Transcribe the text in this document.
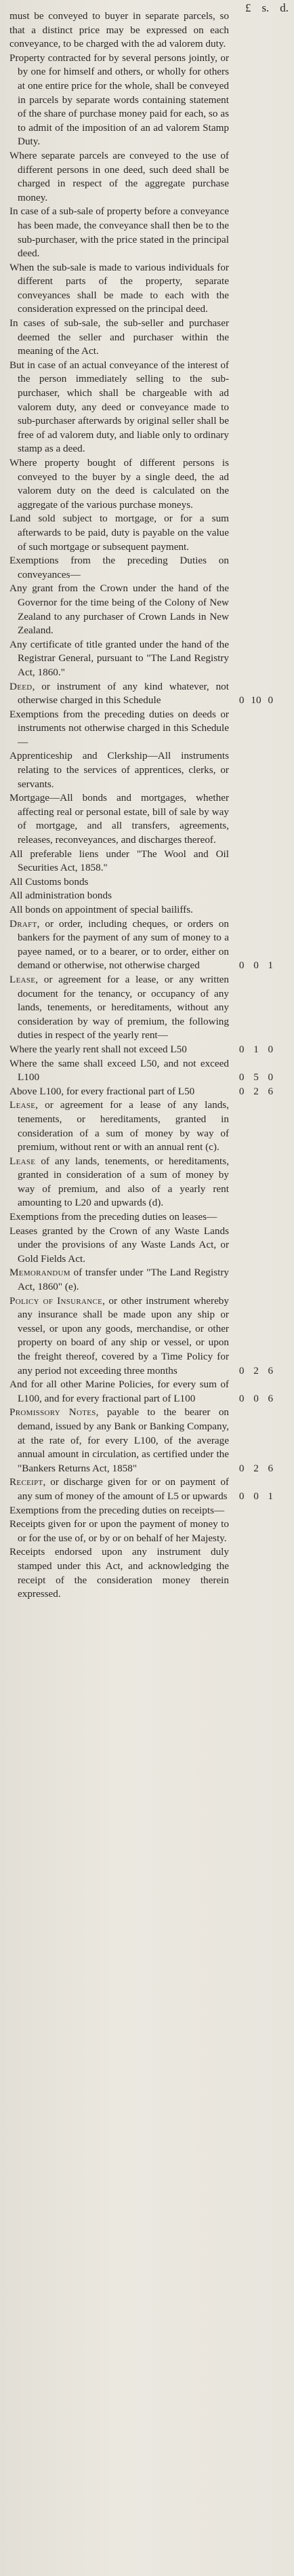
£ s. d.
must be conveyed to buyer in separate parcels, so that a distinct price may be expressed on each conveyance, to be charged with the ad valorem duty.
Property contracted for by several persons jointly, or by one for himself and others, or wholly for others at one entire price for the whole, shall be conveyed in parcels by separate words containing statement of the share of purchase money paid for each, so as to admit of the imposition of an ad valorem Stamp Duty.
Where separate parcels are conveyed to the use of different persons in one deed, such deed shall be charged in respect of the aggregate purchase money.
In case of a sub-sale of property before a conveyance has been made, the conveyance shall then be to the sub-purchaser, with the price stated in the principal deed.
When the sub-sale is made to various individuals for different parts of the property, separate conveyances shall be made to each with the consideration expressed on the principal deed.
In cases of sub-sale, the sub-seller and purchaser deemed the seller and purchaser within the meaning of the Act.
But in case of an actual conveyance of the interest of the person immediately selling to the sub-purchaser, which shall be chargeable with ad valorem duty, any deed or conveyance made to sub-purchaser afterwards by original seller shall be free of ad valorem duty, and liable only to ordinary stamp as a deed.
Where property bought of different persons is conveyed to the buyer by a single deed, the ad valorem duty on the deed is calculated on the aggregate of the various purchase moneys.
Land sold subject to mortgage, or for a sum afterwards to be paid, duty is payable on the value of such mortgage or subsequent payment.
Exemptions from the preceding Duties on conveyances—
Any grant from the Crown under the hand of the Governor for the time being of the Colony of New Zealand to any purchaser of Crown Lands in New Zealand.
Any certificate of title granted under the hand of the Registrar General, pursuant to "The Land Registry Act, 1860."
Deed, or instrument of any kind whatever, not otherwise charged in this Schedule	0 10 0
Exemptions from the preceding duties on deeds or instruments not otherwise charged in this Schedule—
Apprenticeship and Clerkship—All instruments relating to the services of apprentices, clerks, or servants.
Mortgage—All bonds and mortgages, whether affecting real or personal estate, bill of sale by way of mortgage, and all transfers, agreements, releases, reconveyances, and discharges thereof.
All preferable liens under "The Wool and Oil Securities Act, 1858."
All Customs bonds
All administration bonds
All bonds on appointment of special bailiffs.
Draft, or order, including cheques, or orders on bankers for the payment of any sum of money to a payee named, or to a bearer, or to order, either on demand or otherwise, not otherwise charged	0 0 1
Lease, or agreement for a lease, or any written document for the tenancy, or occupancy of any lands, tenements, or hereditaments, without any consideration by way of premium, the following duties in respect of the yearly rent—
Where the yearly rent shall not exceed L50	0 1 0
Where the same shall exceed L50, and not exceed L100	0 5 0
Above L100, for every fractional part of L50	0 2 6
Lease, or agreement for a lease of any lands, tenements, or hereditaments, granted in consideration of a sum of money by way of premium, without rent or with an annual rent (c).
Lease of any lands, tenements, or hereditaments, granted in consideration of a sum of money by way of premium, and also of a yearly rent amounting to L20 and upwards (d).
Exemptions from the preceding duties on leases—
Leases granted by the Crown of any Waste Lands under the provisions of any Waste Lands Act, or Gold Fields Act.
Memorandum of transfer under "The Land Registry Act, 1860" (e).
Policy of Insurance, or other instrument whereby any insurance shall be made upon any ship or vessel, or upon any goods, merchandise, or other property on board of any ship or vessel, or upon the freight thereof, covered by a Time Policy for any period not exceeding three months	0 2 6
And for all other Marine Policies, for every sum of L100, and for every fractional part of L100	0 0 6
Promissory Notes, payable to the bearer on demand, issued by any Bank or Banking Company, at the rate of, for every L100, of the average annual amount in circulation, as certified under the "Bankers Returns Act, 1858"	0 2 6
Receipt, or discharge given for or on payment of any sum of money of the amount of L5 or upwards 0 0 1
Exemptions from the preceding duties on receipts—
Receipts given for or upon the payment of money to or for the use of, or by or on behalf of her Majesty.
Receipts endorsed upon any instrument duly stamped under this Act, and acknowledging the receipt of the consideration money therein expressed.
